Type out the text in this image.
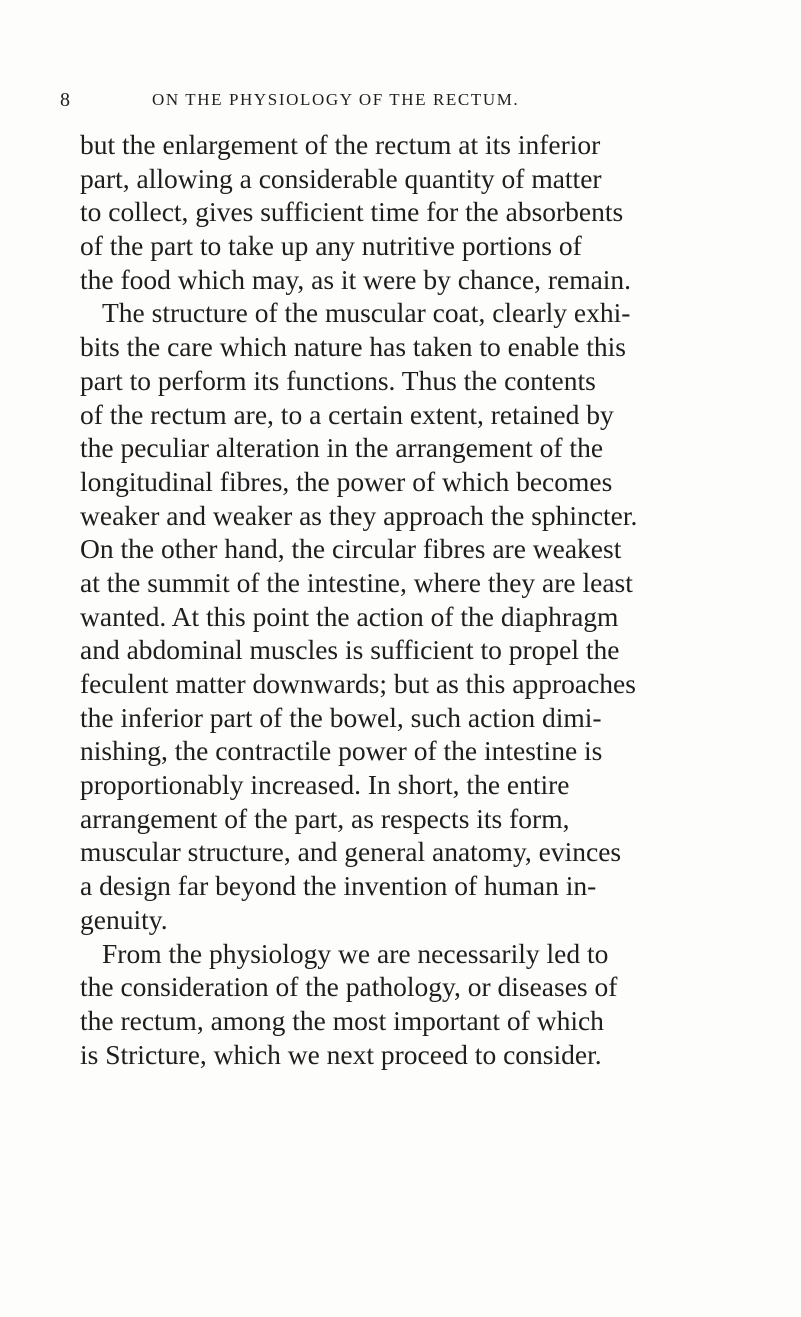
8	ON THE PHYSIOLOGY OF THE RECTUM.
but the enlargement of the rectum at its inferior
part, allowing a considerable quantity of matter
to collect, gives sufficient time for the absorbents
of the part to take up any nutritive portions of
the food which may, as it were by chance, remain.
The structure of the muscular coat, clearly exhi-
bits the care which nature has taken to enable this
part to perform its functions. Thus the contents
of the rectum are, to a certain extent, retained by
the peculiar alteration in the arrangement of the
longitudinal fibres, the power of which becomes
weaker and weaker as they approach the sphincter.
On the other hand, the circular fibres are weakest
at the summit of the intestine, where they are least
wanted. At this point the action of the diaphragm
and abdominal muscles is sufficient to propel the
feculent matter downwards; but as this approaches
the inferior part of the bowel, such action dimi-
nishing, the contractile power of the intestine is
proportionably increased. In short, the entire
arrangement of the part, as respects its form,
muscular structure, and general anatomy, evinces
a design far beyond the invention of human in-
genuity.
From the physiology we are necessarily led to
the consideration of the pathology, or diseases of
the rectum, among the most important of which
is Stricture, which we next proceed to consider.
